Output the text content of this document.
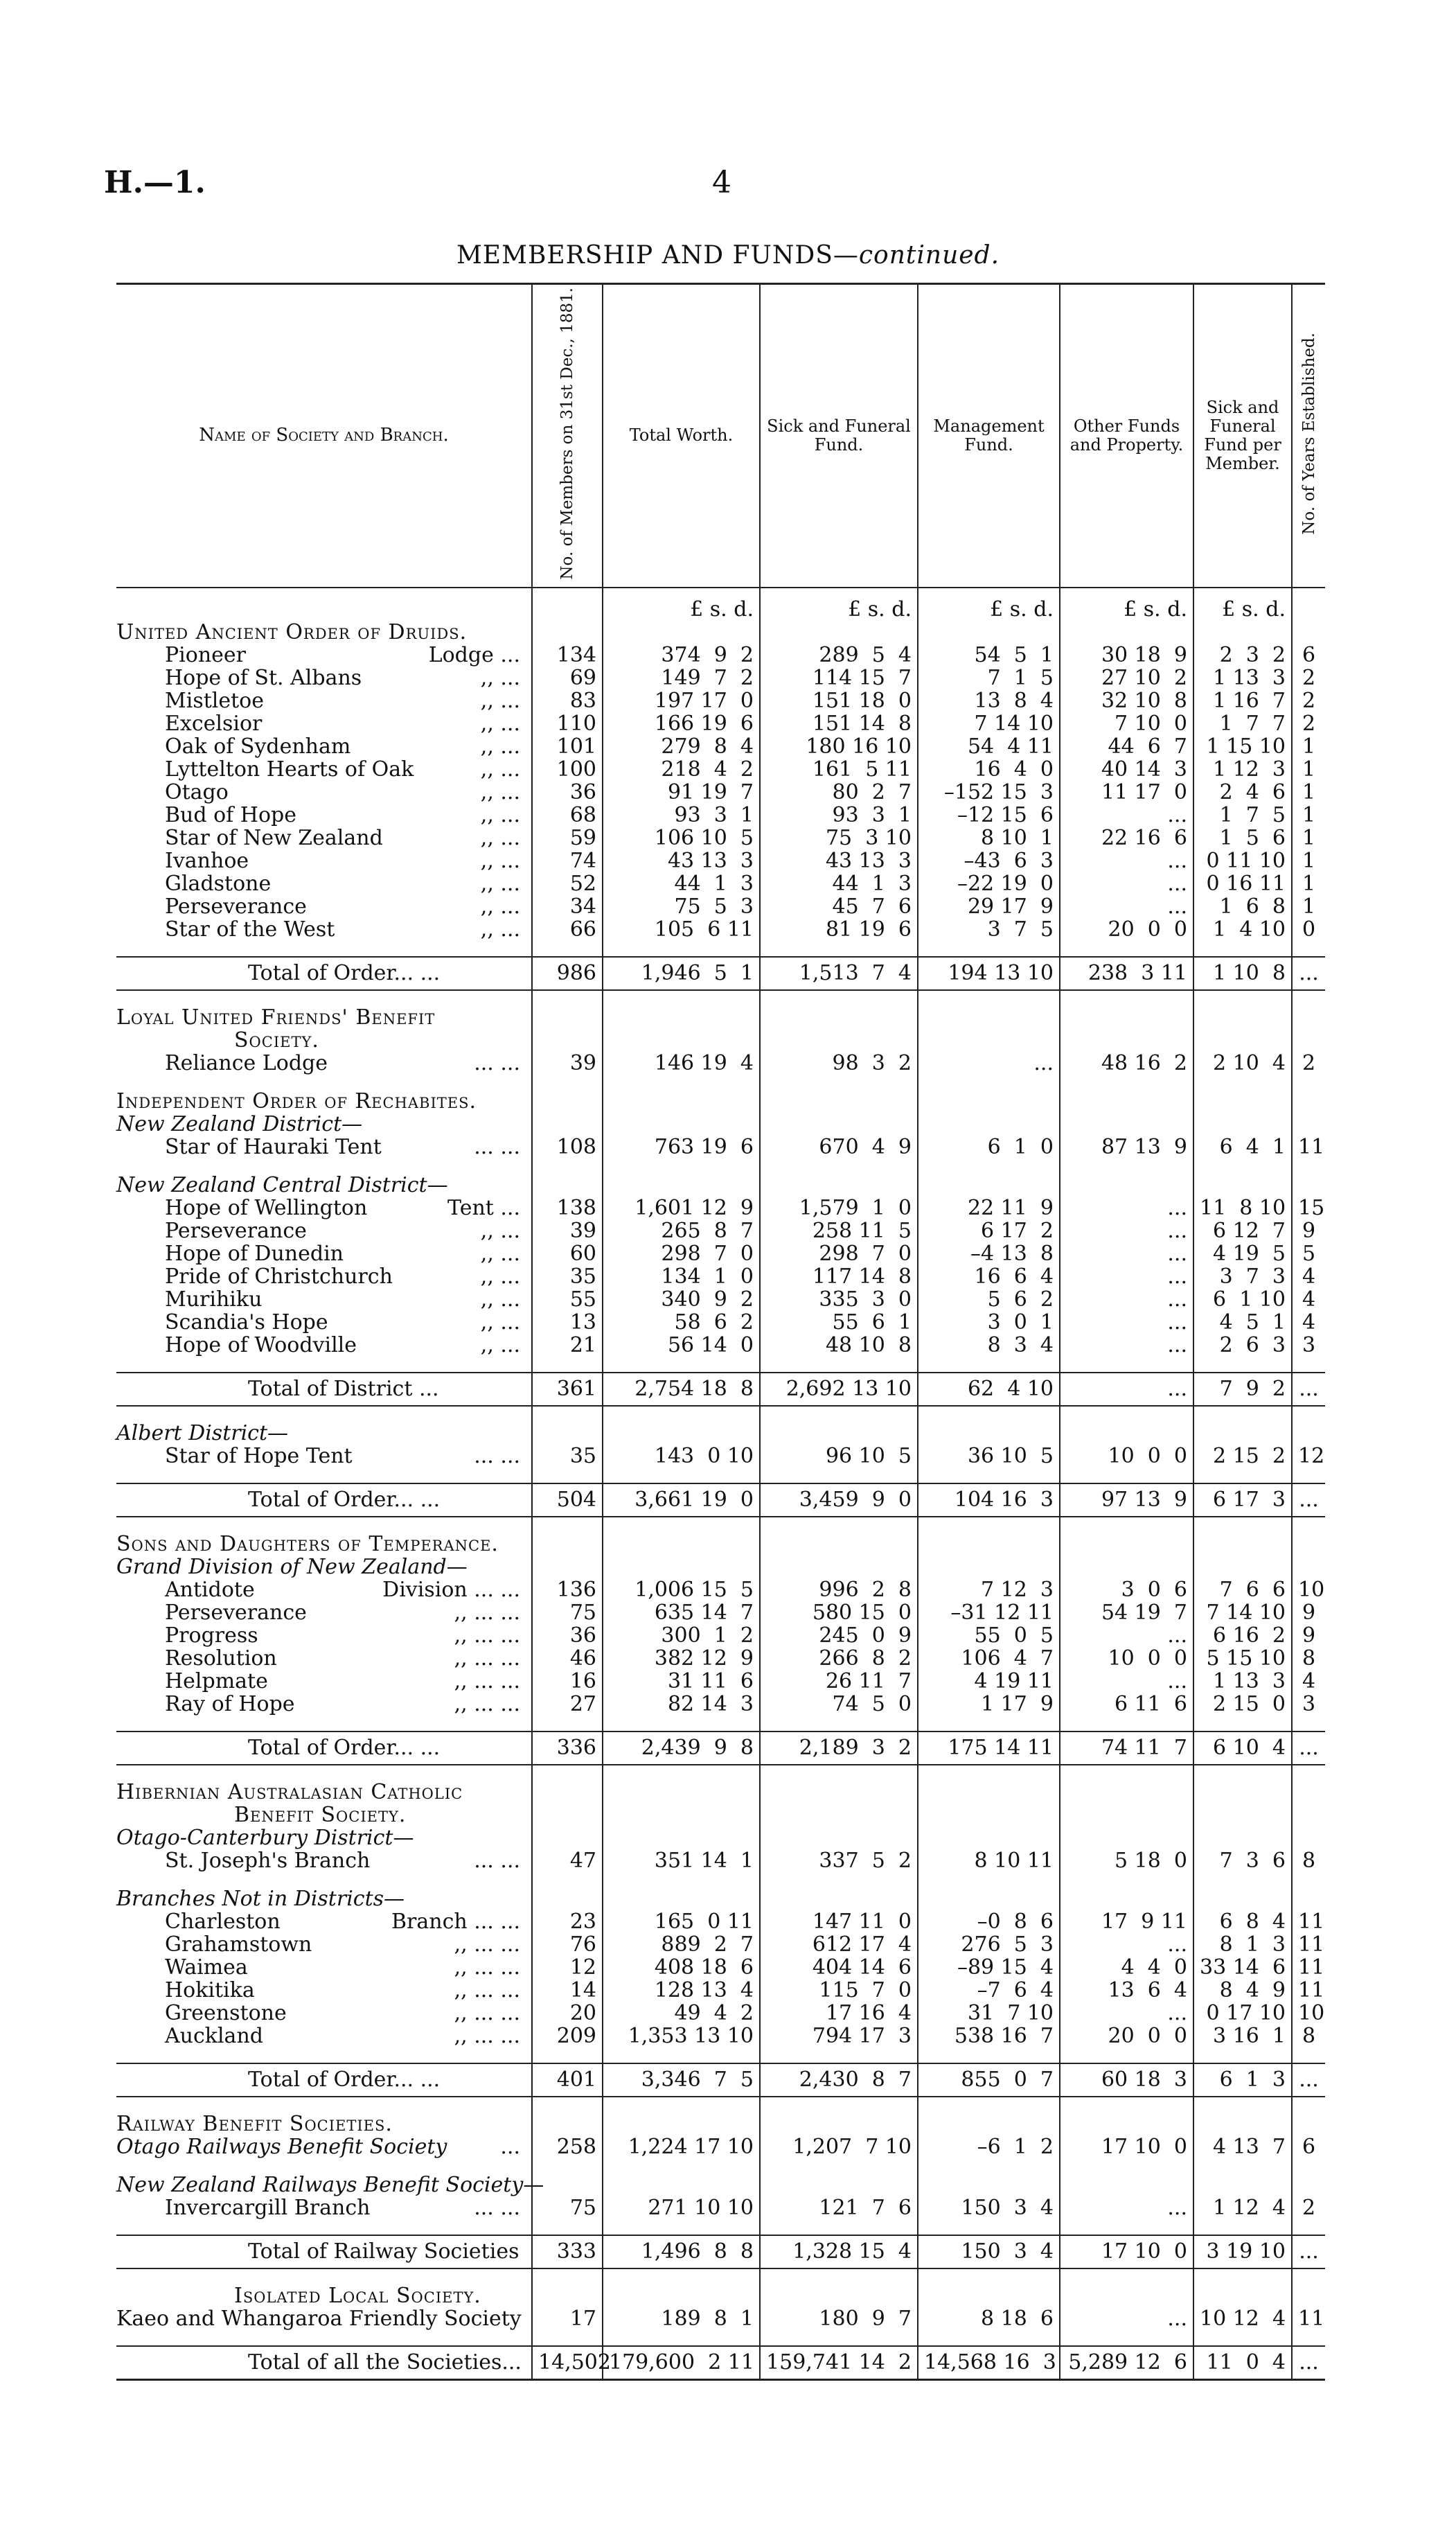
H.—1.	4
MEMBERSHIP AND FUNDS—continued.
Name of Society and Branch.	No. of Members on 31st Dec., 1881.	Total Worth.	Sick and Funeral Fund.	Management Fund.	Other Funds and Property.	Sick and Funeral Fund per Member.	No. of Years Established.
		£ s. d.	£ s. d.	£ s. d.	£ s. d.	£ s. d.	
United Ancient Order of Druids.							

Pioneer Lodge ...	134	374  9  2	289  5  4	54  5  1	30 18  9	2  3  2	6

Hope of St. Albans ,, ...	69	149  7  2	114 15  7	7  1  5	27 10  2	1 13  3	2

Mistletoe ,, ...	83	197 17  0	151 18  0	13  8  4	32 10  8	1 16  7	2

Excelsior ,, ...	110	166 19  6	151 14  8	7 14 10	7 10  0	1  7  7	2

Oak of Sydenham ,, ...	101	279  8  4	180 16 10	54  4 11	44  6  7	1 15 10	1

Lyttelton Hearts of Oak ,, ...	100	218  4  2	161  5 11	16  4  0	40 14  3	1 12  3	1

Otago ,, ...	36	91 19  7	80  2  7	–152 15  3	11 17  0	2  4  6	1

Bud of Hope ,, ...	68	93  3  1	93  3  1	–12 15  6	...	1  7  5	1

Star of New Zealand ,, ...	59	106 10  5	75  3 10	8 10  1	22 16  6	1  5  6	1

Ivanhoe ,, ...	74	43 13  3	43 13  3	–43  6  3	...	0 11 10	1

Gladstone ,, ...	52	44  1  3	44  1  3	–22 19  0	...	0 16 11	1

Perseverance ,, ...	34	75  5  3	45  7  6	29 17  9	...	1  6  8	1

Star of the West ,, ...	66	105  6 11	81 19  6	3  7  5	20  0  0	1  4 10	0

Total of Order... ...	986	1,946  5  1	1,513  7  4	194 13 10	238  3 11	1 10  8	...

Loyal United Friends' Benefit							
Society.							

Reliance Lodge ... ...	39	146 19  4	98  3  2	...	48 16  2	2 10  4	2

Independent Order of Rechabites.							
New Zealand District—							

Star of Hauraki Tent ... ...	108	763 19  6	670  4  9	6  1  0	87 13  9	6  4  1	11

New Zealand Central District—							

Hope of Wellington Tent ...	138	1,601 12  9	1,579  1  0	22 11  9	...	11  8 10	15

Perseverance ,, ...	39	265  8  7	258 11  5	6 17  2	...	6 12  7	9

Hope of Dunedin ,, ...	60	298  7  0	298  7  0	–4 13  8	...	4 19  5	5

Pride of Christchurch ,, ...	35	134  1  0	117 14  8	16  6  4	...	3  7  3	4

Murihiku ,, ...	55	340  9  2	335  3  0	5  6  2	...	6  1 10	4

Scandia's Hope ,, ...	13	58  6  2	55  6  1	3  0  1	...	4  5  1	4

Hope of Woodville ,, ...	21	56 14  0	48 10  8	8  3  4	...	2  6  3	3

Total of District ...	361	2,754 18  8	2,692 13 10	62  4 10	...	7  9  2	...

Albert District—							

Star of Hope Tent ... ...	35	143  0 10	96 10  5	36 10  5	10  0  0	2 15  2	12

Total of Order... ...	504	3,661 19  0	3,459  9  0	104 16  3	97 13  9	6 17  3	...

Sons and Daughters of Temperance.							
Grand Division of New Zealand—							

Antidote Division ... ...	136	1,006 15  5	996  2  8	7 12  3	3  0  6	7  6  6	10

Perseverance ,, ... ...	75	635 14  7	580 15  0	–31 12 11	54 19  7	7 14 10	9

Progress ,, ... ...	36	300  1  2	245  0  9	55  0  5	...	6 16  2	9

Resolution ,, ... ...	46	382 12  9	266  8  2	106  4  7	10  0  0	5 15 10	8

Helpmate ,, ... ...	16	31 11  6	26 11  7	4 19 11	...	1 13  3	4

Ray of Hope ,, ... ...	27	82 14  3	74  5  0	1 17  9	6 11  6	2 15  0	3

Total of Order... ...	336	2,439  9  8	2,189  3  2	175 14 11	74 11  7	6 10  4	...

Hibernian Australasian Catholic							
Benefit Society.							
Otago-Canterbury District—							

St. Joseph's Branch ... ...	47	351 14  1	337  5  2	8 10 11	5 18  0	7  3  6	8

Branches Not in Districts—							

Charleston Branch ... ...	23	165  0 11	147 11  0	–0  8  6	17  9 11	6  8  4	11

Grahamstown ,, ... ...	76	889  2  7	612 17  4	276  5  3	...	8  1  3	11

Waimea ,, ... ...	12	408 18  6	404 14  6	–89 15  4	4  4  0	33 14  6	11

Hokitika ,, ... ...	14	128 13  4	115  7  0	–7  6  4	13  6  4	8  4  9	11

Greenstone ,, ... ...	20	49  4  2	17 16  4	31  7 10	...	0 17 10	10

Auckland ,, ... ...	209	1,353 13 10	794 17  3	538 16  7	20  0  0	3 16  1	8

Total of Order... ...	401	3,346  7  5	2,430  8  7	855  0  7	60 18  3	6  1  3	...

Railway Benefit Societies.							

Otago Railways Benefit Society ...	258	1,224 17 10	1,207  7 10	–6  1  2	17 10  0	4 13  7	6

New Zealand Railways Benefit Society—							

Invercargill Branch ... ...	75	271 10 10	121  7  6	150  3  4	...	1 12  4	2

Total of Railway Societies	333	1,496  8  8	1,328 15  4	150  3  4	17 10  0	3 19 10	...

Isolated Local Society.							

Kaeo and Whangaroa Friendly Society	17	189  8  1	180  9  7	8 18  6	...	10 12  4	11

Total of all the Societies...	14,502	179,600  2 11	159,741 14  2	14,568 16  3	5,289 12  6	11  0  4	...
